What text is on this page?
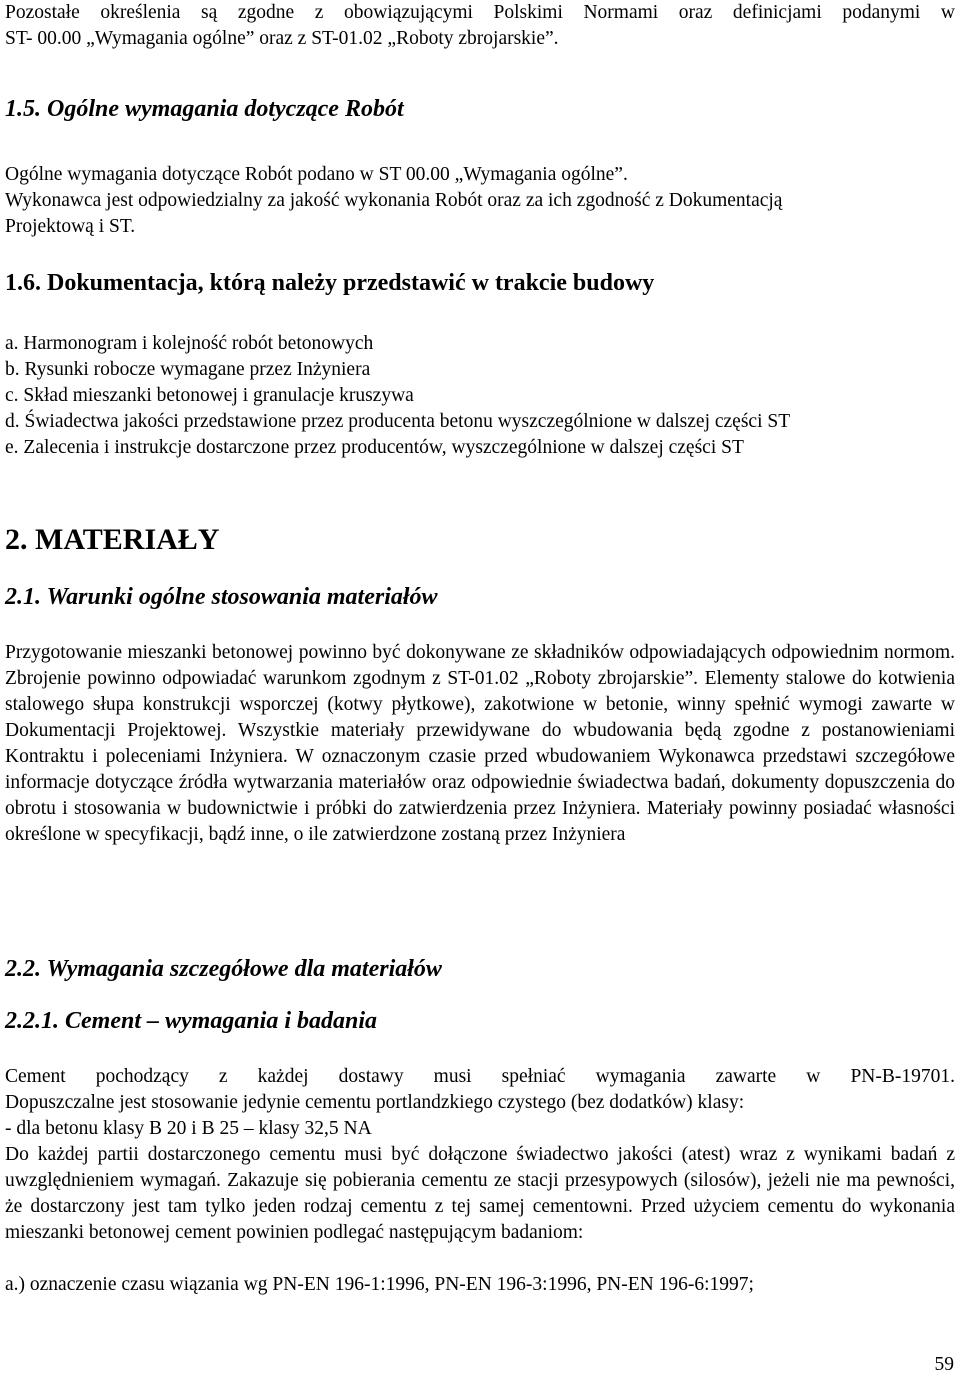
Pozostałe określenia są zgodne z obowiązującymi Polskimi Normami oraz definicjami podanymi w
ST- 00.00 „Wymagania ogólne” oraz z ST-01.02 „Roboty zbrojarskie”.
1.5. Ogólne wymagania dotyczące Robót
Ogólne wymagania dotyczące Robót podano w ST 00.00 „Wymagania ogólne”.
Wykonawca jest odpowiedzialny za jakość wykonania Robót oraz za ich zgodność z Dokumentacją
Projektową i ST.
1.6. Dokumentacja, którą należy przedstawić w trakcie budowy
a. Harmonogram i kolejność robót betonowych
b. Rysunki robocze wymagane przez Inżyniera
c. Skład mieszanki betonowej i granulacje kruszywa
d. Świadectwa jakości przedstawione przez producenta betonu wyszczególnione w dalszej części ST
e. Zalecenia i instrukcje dostarczone przez producentów, wyszczególnione w dalszej części ST
2. MATERIAŁY
2.1. Warunki ogólne stosowania materiałów
Przygotowanie mieszanki betonowej powinno być dokonywane ze składników odpowiadających odpowiednim normom. Zbrojenie powinno odpowiadać warunkom zgodnym z ST-01.02 „Roboty zbrojarskie”. Elementy stalowe do kotwienia stalowego słupa konstrukcji wsporczej (kotwy płytkowe), zakotwione w betonie, winny spełnić wymogi zawarte w Dokumentacji Projektowej. Wszystkie materiały przewidywane do wbudowania będą zgodne z postanowieniami Kontraktu i poleceniami Inżyniera. W oznaczonym czasie przed wbudowaniem Wykonawca przedstawi szczegółowe informacje dotyczące źródła wytwarzania materiałów oraz odpowiednie świadectwa badań, dokumenty dopuszczenia do obrotu i stosowania w budownictwie i próbki do zatwierdzenia przez Inżyniera. Materiały powinny posiadać własności określone w specyfikacji, bądź inne, o ile zatwierdzone zostaną przez Inżyniera
2.2. Wymagania szczegółowe dla materiałów
2.2.1. Cement – wymagania i badania
Cement pochodzący z każdej dostawy musi spełniać wymagania zawarte w PN-B-19701.
Dopuszczalne jest stosowanie jedynie cementu portlandzkiego czystego (bez dodatków) klasy:
- dla betonu klasy B 20 i B 25 – klasy 32,5 NA
Do każdej partii dostarczonego cementu musi być dołączone świadectwo jakości (atest) wraz z wynikami badań z uwzględnieniem wymagań. Zakazuje się pobierania cementu ze stacji przesypowych (silosów), jeżeli nie ma pewności, że dostarczony jest tam tylko jeden rodzaj cementu z tej samej cementowni. Przed użyciem cementu do wykonania mieszanki betonowej cement powinien podlegać następującym badaniom:
a.) oznaczenie czasu wiązania wg PN-EN 196-1:1996, PN-EN 196-3:1996, PN-EN 196-6:1997;
59
